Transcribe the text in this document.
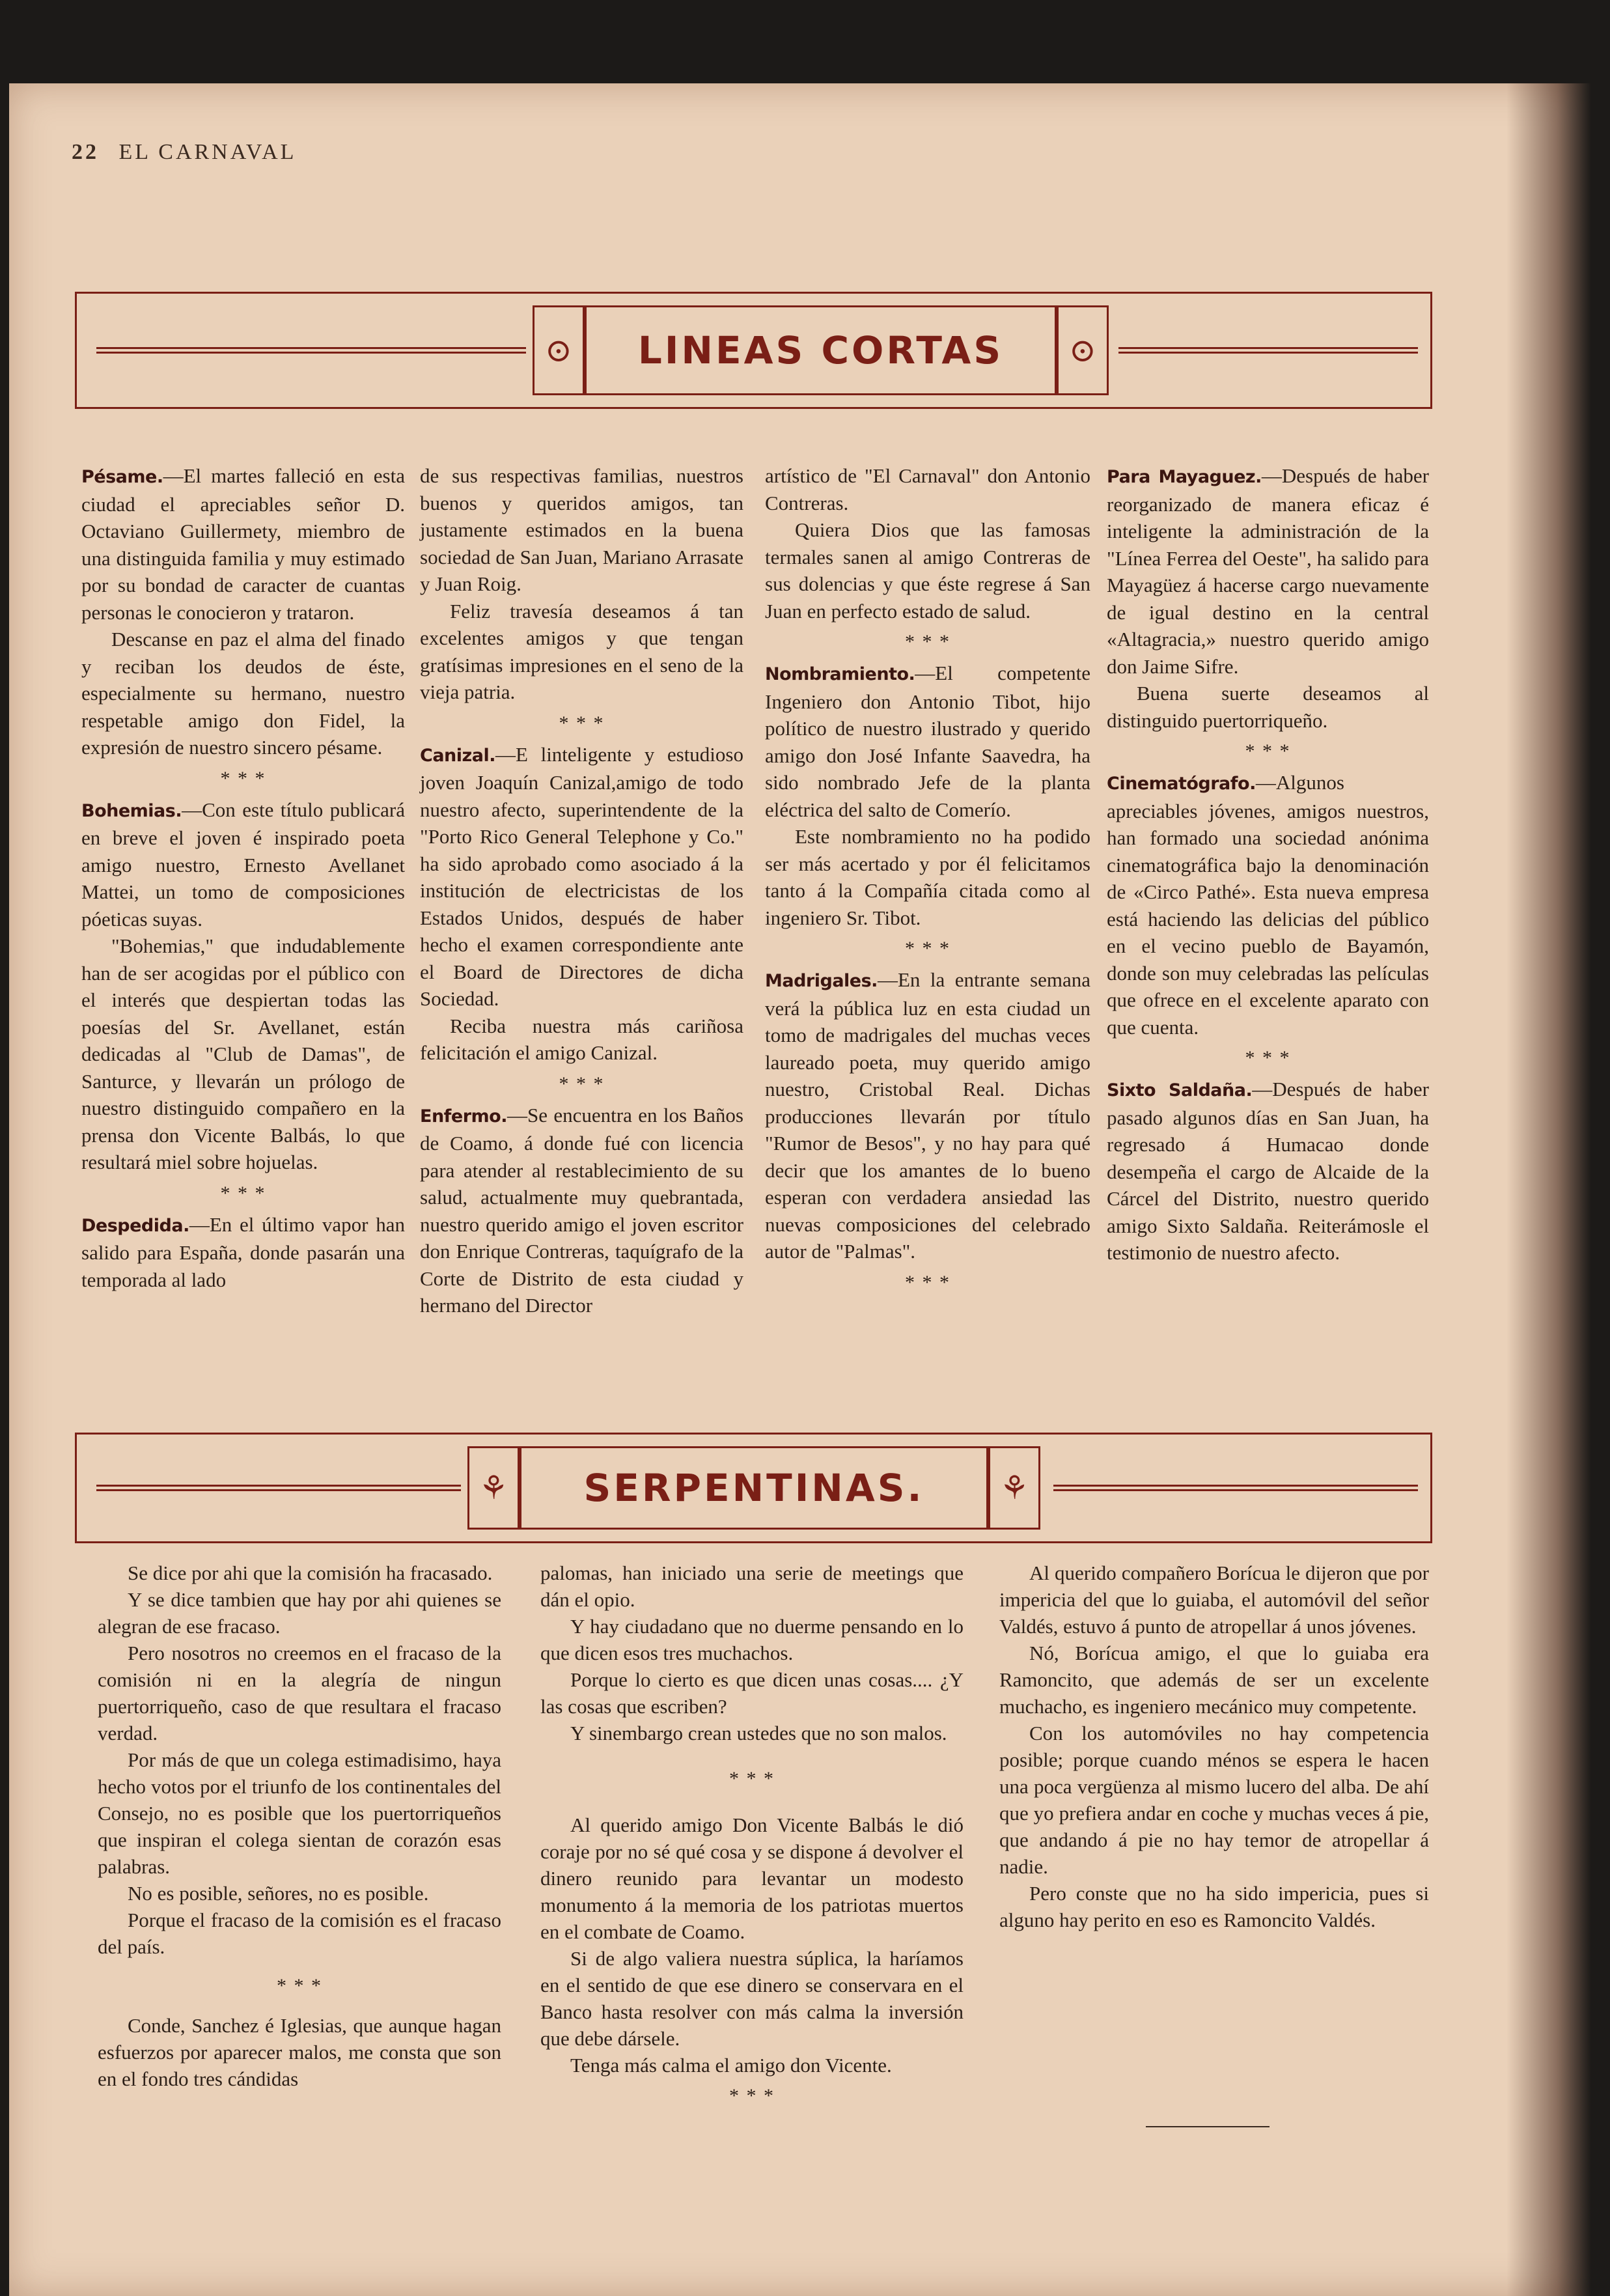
22 EL CARNAVAL
⊙ LINEAS CORTAS ⊙

Pésame.—El martes falleció en esta ciudad el apreciables señor D. Octaviano Guillermety, miembro de una distinguida familia y muy estimado por su bondad de caracter de cuantas personas le conocieron y trataron.

Descanse en paz el alma del finado y reciban los deudos de éste, especialmente su hermano, nuestro respetable amigo don Fidel, la expresión de nuestro sincero pésame.

* * *

Bohemias.—Con este título publicará en breve el joven é inspirado poeta amigo nuestro, Ernesto Avellanet Mattei, un tomo de composiciones póeticas suyas.

"Bohemias," que indudablemente han de ser acogidas por el público con el interés que despiertan todas las poesías del Sr. Avellanet, están dedicadas al "Club de Damas", de Santurce, y llevarán un prólogo de nuestro distinguido compañero en la prensa don Vicente Balbás, lo que resultará miel sobre hojuelas.

* * *

Despedida.—En el último vapor han salido para España, donde pasarán una temporada al lado

de sus respectivas familias, nuestros buenos y queridos amigos, tan justamente estimados en la buena sociedad de San Juan, Mariano Arrasate y Juan Roig.

Feliz travesía deseamos á tan excelentes amigos y que tengan gratísimas impresiones en el seno de la vieja patria.

* * *

Canizal.—E linteligente y estudioso joven Joaquín Canizal,amigo de todo nuestro afecto, superintendente de la "Porto Rico General Telephone y Co." ha sido aprobado como asociado á la institución de electricistas de los Estados Unidos, después de haber hecho el examen correspondiente ante el Board de Directores de dicha Sociedad.

Reciba nuestra más cariñosa felicitación el amigo Canizal.

* * *

Enfermo.—Se encuentra en los Baños de Coamo, á donde fué con licencia para atender al restablecimiento de su salud, actualmente muy quebrantada, nuestro querido amigo el joven escritor don Enrique Contreras, taquígrafo de la Corte de Distrito de esta ciudad y hermano del Director

artístico de "El Carnaval" don Antonio Contreras.

Quiera Dios que las famosas termales sanen al amigo Contreras de sus dolencias y que éste regrese á San Juan en perfecto estado de salud.

* * *

Nombramiento.—El competente Ingeniero don Antonio Tibot, hijo político de nuestro ilustrado y querido amigo don José Infante Saavedra, ha sido nombrado Jefe de la planta eléctrica del salto de Comerío.

Este nombramiento no ha podido ser más acertado y por él felicitamos tanto á la Compañía citada como al ingeniero Sr. Tibot.

* * *

Madrigales.—En la entrante semana verá la pública luz en esta ciudad un tomo de madrigales del muchas veces laureado poeta, muy querido amigo nuestro, Cristobal Real. Dichas producciones llevarán por título "Rumor de Besos", y no hay para qué decir que los amantes de lo bueno esperan con verdadera ansiedad las nuevas composiciones del celebrado autor de "Palmas".

* * *

Para Mayaguez.—Después de haber reorganizado de manera eficaz é inteligente la administración de la "Línea Ferrea del Oeste", ha salido para Mayagüez á hacerse cargo nuevamente de igual destino en la central «Altagracia,» nuestro querido amigo don Jaime Sifre.

Buena suerte deseamos al distinguido puertorriqueño.

* * *

Cinematógrafo.—Algunos apreciables jóvenes, amigos nuestros, han formado una sociedad anónima cinematográfica bajo la denominación de «Circo Pathé». Esta nueva empresa está haciendo las delicias del público en el vecino pueblo de Bayamón, donde son muy celebradas las películas que ofrece en el excelente aparato con que cuenta.

* * *

Sixto Saldaña.—Después de haber pasado algunos días en San Juan, ha regresado á Humacao donde desempeña el cargo de Alcaide de la Cárcel del Distrito, nuestro querido amigo Sixto Saldaña. Reiterámosle el testimonio de nuestro afecto.

⚘ SERPENTINAS. ⚘

Se dice por ahi que la comisión ha fracasado.

Y se dice tambien que hay por ahi quienes se alegran de ese fracaso.

Pero nosotros no creemos en el fracaso de la comisión ni en la alegría de ningun puertorriqueño, caso de que resultara el fracaso verdad.

Por más de que un colega estimadisimo, haya hecho votos por el triunfo de los continentales del Consejo, no es posible que los puertorriqueños que inspiran el colega sientan de corazón esas palabras.

No es posible, señores, no es posible.

Porque el fracaso de la comisión es el fracaso del país.

* * *

Conde, Sanchez é Iglesias, que aunque hagan esfuerzos por aparecer malos, me consta que son en el fondo tres cándidas

palomas, han iniciado una serie de meetings que dán el opio.

Y hay ciudadano que no duerme pensando en lo que dicen esos tres muchachos.

Porque lo cierto es que dicen unas cosas.... ¿Y las cosas que escriben?

Y sinembargo crean ustedes que no son malos.

* * *

Al querido amigo Don Vicente Balbás le dió coraje por no sé qué cosa y se dispone á devolver el dinero reunido para levantar un modesto monumento á la memoria de los patriotas muertos en el combate de Coamo.

Si de algo valiera nuestra súplica, la haríamos en el sentido de que ese dinero se conservara en el Banco hasta resolver con más calma la inversión que debe dársele.

Tenga más calma el amigo don Vicente.

* * *

Al querido compañero Borícua le dijeron que por impericia del que lo guiaba, el automóvil del señor Valdés, estuvo á punto de atropellar á unos jóvenes.

Nó, Borícua amigo, el que lo guiaba era Ramoncito, que además de ser un excelente muchacho, es ingeniero mecánico muy competente.

Con los automóviles no hay competencia posible; porque cuando ménos se espera le hacen una poca vergüenza al mismo lucero del alba. De ahí que yo prefiera andar en coche y muchas veces á pie, que andando á pie no hay temor de atropellar á nadie.

Pero conste que no ha sido impericia, pues si alguno hay perito en eso es Ramoncito Valdés.
